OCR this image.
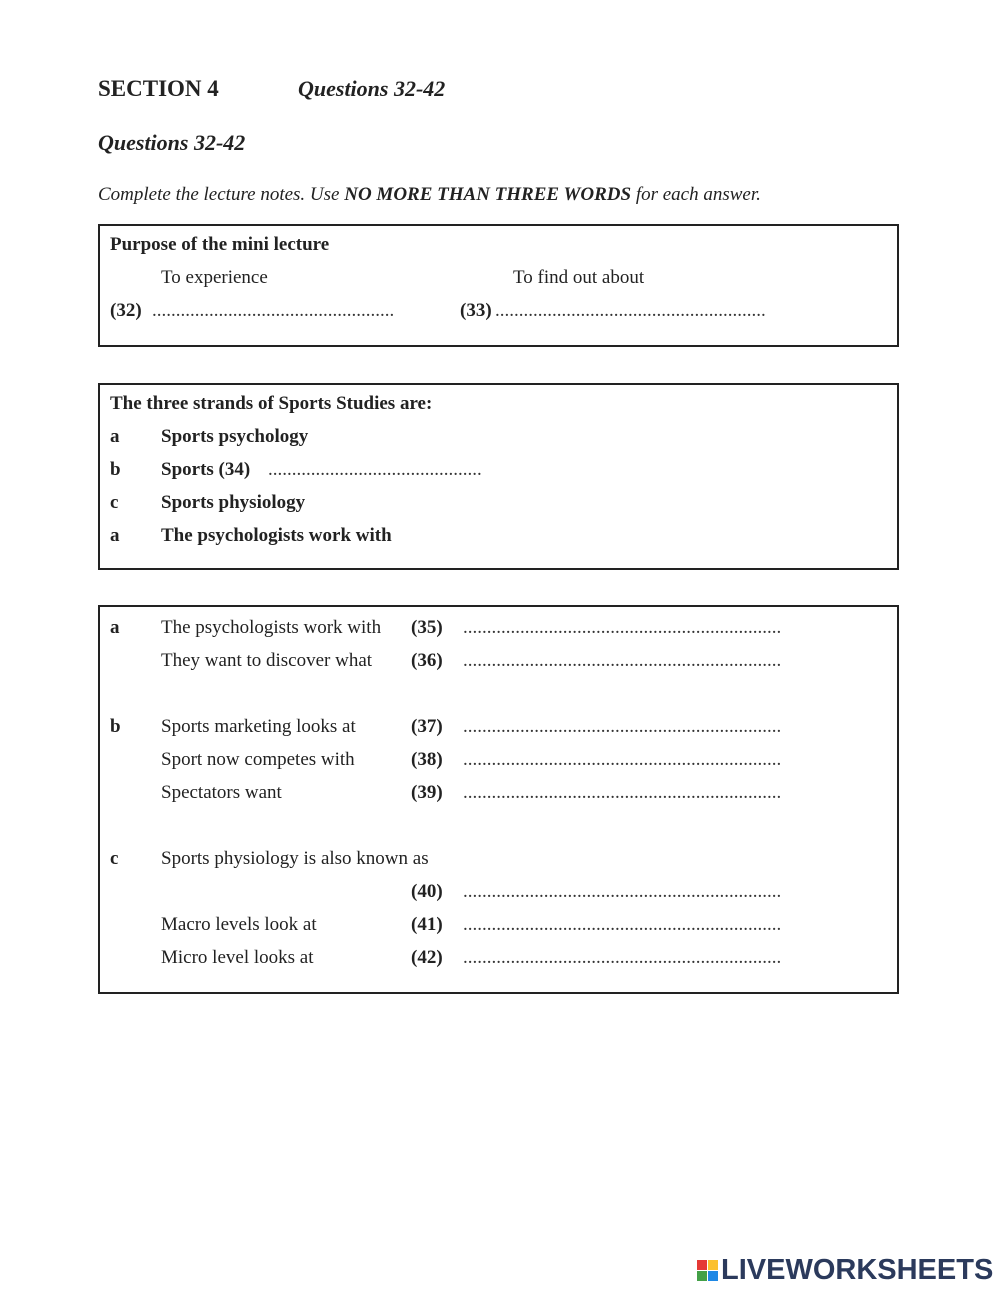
SECTION 4	Questions 32-42
Questions 32-42
Complete the lecture notes. Use NO MORE THAN THREE WORDS for each answer.
Purpose of the mini lecture
To experience	To find out about
(32) ...................................................	(33) .........................................................
The three strands of Sports Studies are:
a Sports psychology
b Sports (34) .............................................
c Sports physiology
a The psychologists work with
a The psychologists work with (35) ...................................................................
They want to discover what (36) ...................................................................
b Sports marketing looks at	(37) ...................................................................
Sport now competes with	(38) ...................................................................
Spectators want	(39) ...................................................................
c Sports physiology is also known as
(40) ...................................................................
Macro levels look at	(41) ...................................................................
Micro level looks at	(42) ...................................................................
LIVEWORKSHEETS
